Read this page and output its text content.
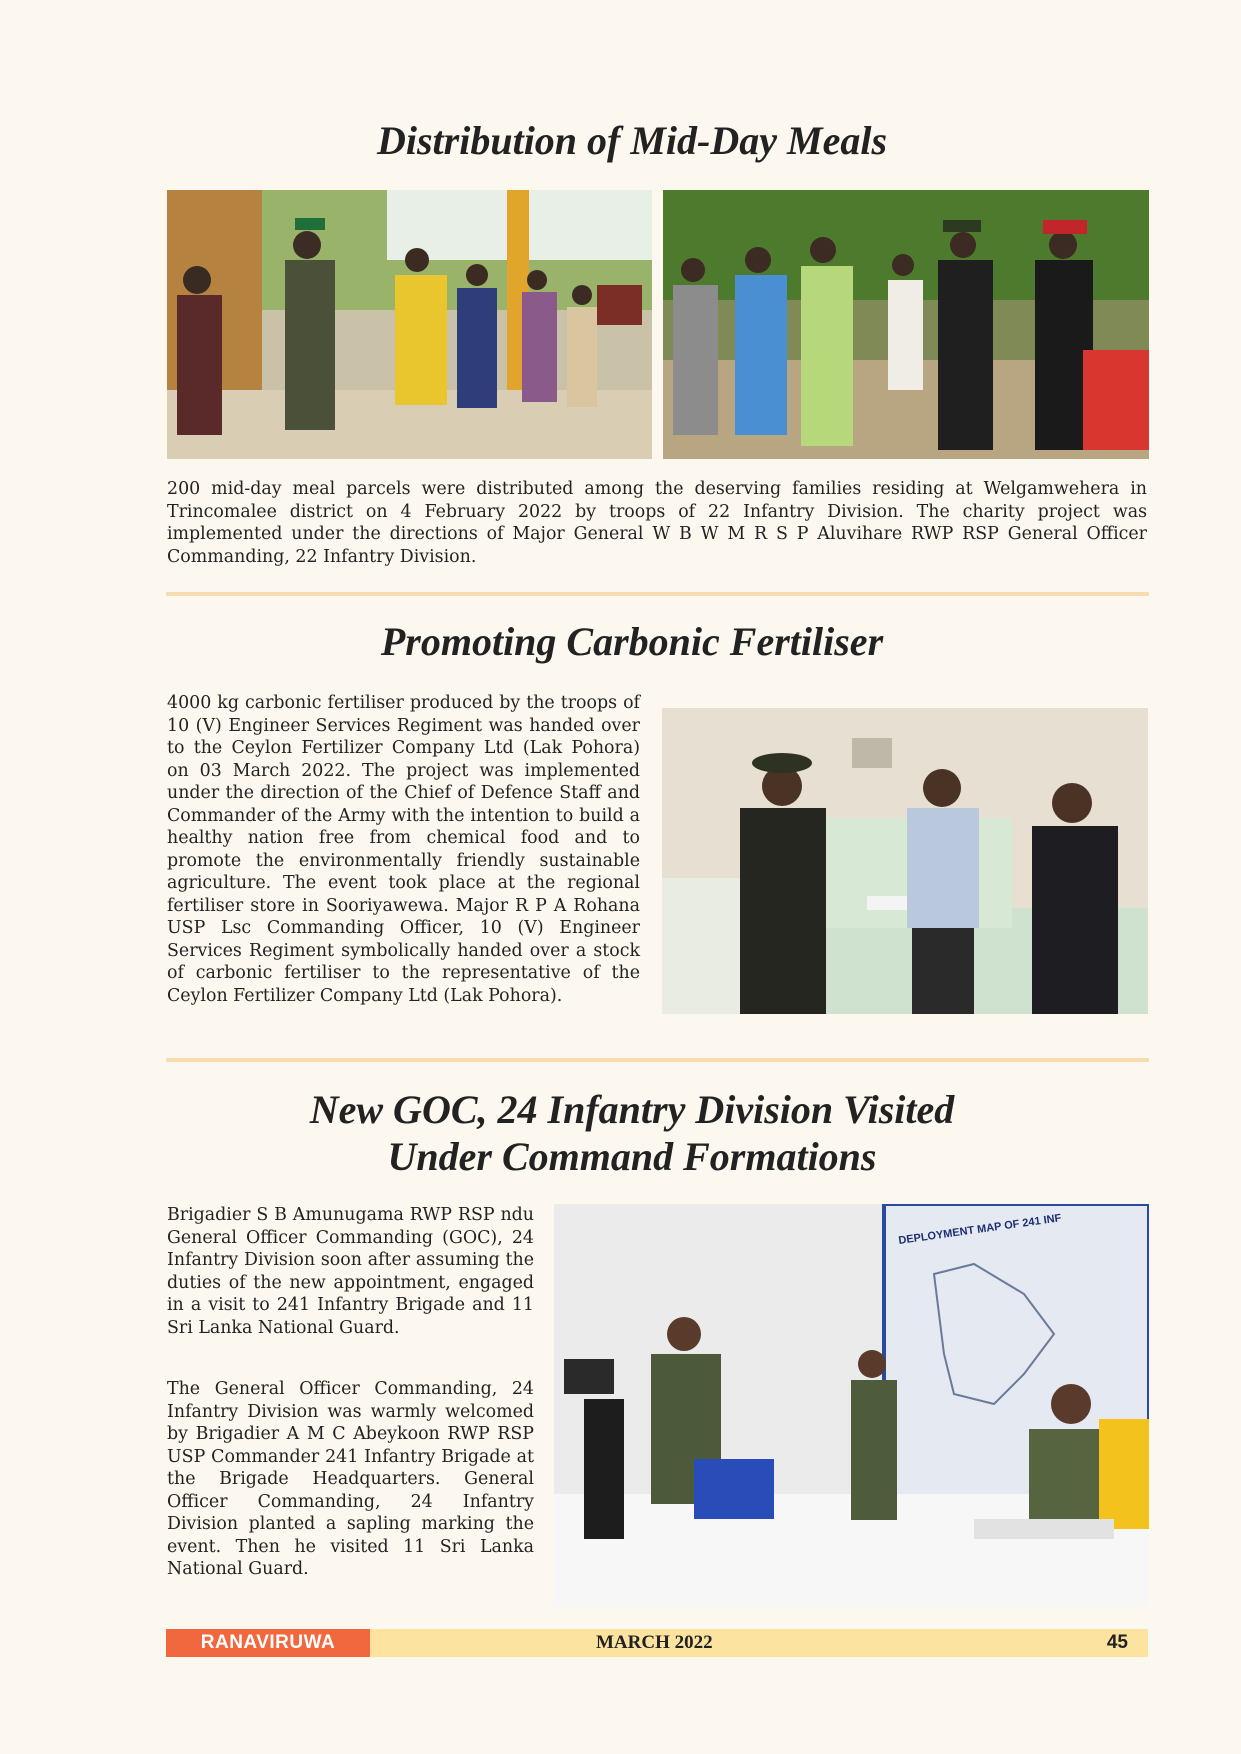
Distribution of Mid-Day Meals

200 mid-day meal parcels were distributed among the deserving families residing at Welgamwehera in Trincomalee district on 4 February 2022 by troops of 22 Infantry Division. The charity project was implemented under the directions of Major General W B W M R S P Aluvihare RWP RSP General Officer Commanding, 22 Infantry Division.

Promoting Carbonic Fertiliser

4000 kg carbonic fertiliser produced by the troops of 10 (V) Engineer Services Regiment was handed over to the Ceylon Fertilizer Company Ltd (Lak Pohora) on 03 March 2022. The project was implemented under the direction of the Chief of Defence Staff and Commander of the Army with the intention to build a healthy nation free from chemical food and to promote the environmentally friendly sustainable agriculture. The event took place at the regional fertiliser store in Sooriyawewa. Major R P A Rohana USP Lsc Commanding Officer, 10 (V) Engineer Services Regiment symbolically handed over a stock of carbonic fertiliser to the representative of the Ceylon Fertilizer Company Ltd (Lak Pohora).

New GOC, 24 Infantry Division Visited
Under Command Formations

Brigadier S B Amunugama RWP RSP ndu General Officer Commanding (GOC), 24 Infantry Division soon after assuming the duties of the new appointment, engaged in a visit to 241 Infantry Brigade and 11 Sri Lanka National Guard.

The General Officer Commanding, 24 Infantry Division was warmly welcomed by Brigadier A M C Abeykoon RWP RSP USP Commander 241 Infantry Brigade at the Brigade Headquarters. General Officer Commanding, 24 Infantry Division planted a sapling marking the event. Then he visited 11 Sri Lanka National Guard.

DEPLOYMENT MAP OF 241 INF
RANAVIRUWA	MARCH 2022	45
